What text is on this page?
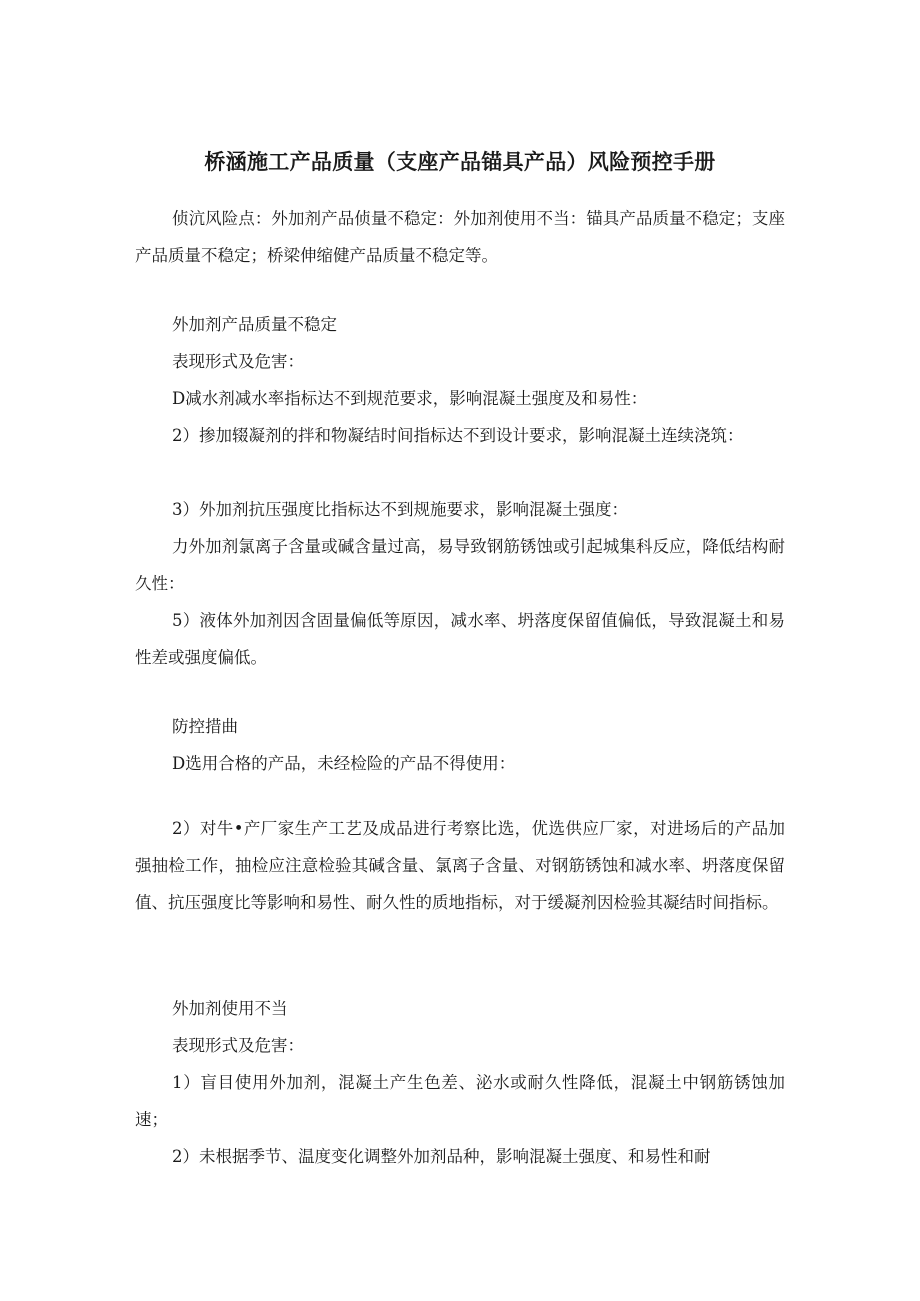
桥涵施工产品质量（支座产品锚具产品）风险预控手册

侦沆风险点：外加剂产品侦量不稳定：外加剂使用不当：锚具产品质量不稳定；支座产品质量不稳定；桥梁伸缩健产品质量不稳定等。

外加剂产品质量不稳定

表现形式及危害：

D减水剂减水率指标达不到规范要求，影响混凝土强度及和易性：

2）掺加辍凝剂的拌和物凝结时间指标达不到设计要求，影响混凝土连续浇筑：

3）外加剂抗压强度比指标达不到规施要求，影响混凝土强度：

力外加剂氯离子含量或碱含量过高，易导致钢筋锈蚀或引起城集科反应，降低结构耐久性：

5）液体外加剂因含固量偏低等原因，减水率、坍落度保留值偏低，导致混凝土和易性差或强度偏低。

防控措曲

D选用合格的产品，未经检险的产品不得使用：

2）对牛•产厂家生产工艺及成品进行考察比选，优选供应厂家，对进场后的产品加强抽检工作，抽检应注意检验其碱含量、氯离子含量、对钢筋锈蚀和减水率、坍落度保留值、抗压强度比等影响和易性、耐久性的质地指标，对于缓凝剂因检验其凝结时间指标。

外加剂使用不当

表现形式及危害：

1）盲目使用外加剂，混凝土产生色差、泌水或耐久性降低，混凝土中钢筋锈蚀加速；

2）未根据季节、温度变化调整外加剂品种，影响混凝土强度、和易性和耐
